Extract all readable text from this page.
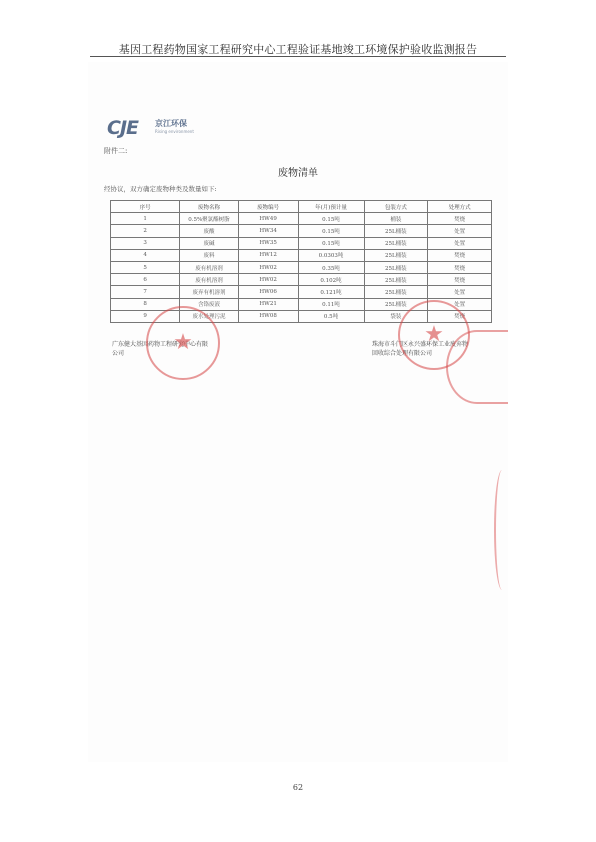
基因工程药物国家工程研究中心工程验证基地竣工环境保护验收监测报告
CJE 京江环保
Rising environment
附件二:
废物清单
经协议，双方确定废物种类及数量如下:
序号	废物名称	废物编号	年(月)预计量	包装方式	处理方式
1	0.5%聚氯酯树脂	HW49	0.15吨	桶装	焚烧
2	废酸	HW34	0.15吨	25L桶装	处置
3	废碱	HW35	0.15吨	25L桶装	处置
4	废料	HW12	0.0303吨	25L桶装	焚烧
5	废有机溶剂	HW02	0.35吨	25L桶装	焚烧
6	废有机溶剂	HW02	0.102吨	25L桶装	焚烧
7	废弃有机溶剂	HW06	0.121吨	25L桶装	处置
8	含铬废液	HW21	0.11吨	25L桶装	处置
9	废水处理污泥	HW08	0.5吨	袋装	焚烧
广东健大基因药物工程研究中心有限
公司
珠海市斗门区永兴盛环保工业废弃物
回收综合处理有限公司
★	★
62
